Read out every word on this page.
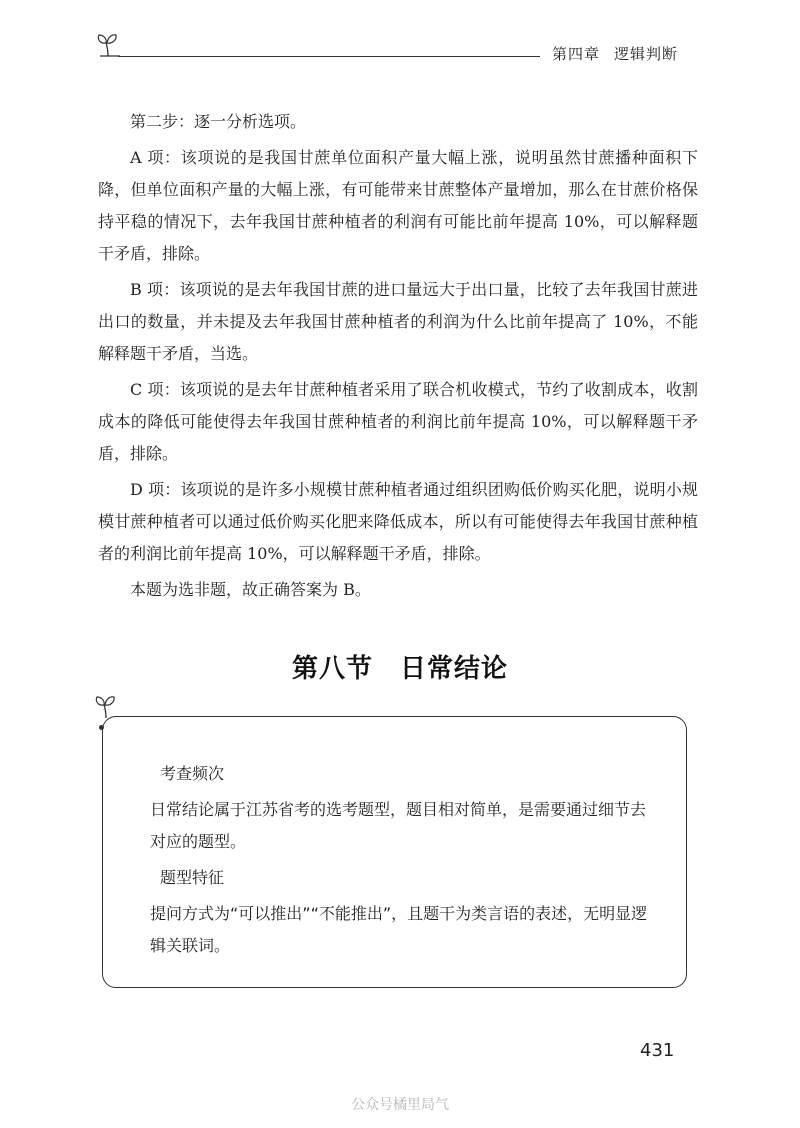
第四章 逻辑判断

第二步：逐一分析选项。

A 项：该项说的是我国甘蔗单位面积产量大幅上涨，说明虽然甘蔗播种面积下降，但单位面积产量的大幅上涨，有可能带来甘蔗整体产量增加，那么在甘蔗价格保持平稳的情况下，去年我国甘蔗种植者的利润有可能比前年提高 10%，可以解释题干矛盾，排除。

B 项：该项说的是去年我国甘蔗的进口量远大于出口量，比较了去年我国甘蔗进出口的数量，并未提及去年我国甘蔗种植者的利润为什么比前年提高了 10%，不能解释题干矛盾，当选。

C 项：该项说的是去年甘蔗种植者采用了联合机收模式，节约了收割成本，收割成本的降低可能使得去年我国甘蔗种植者的利润比前年提高 10%，可以解释题干矛盾，排除。

D 项：该项说的是许多小规模甘蔗种植者通过组织团购低价购买化肥，说明小规模甘蔗种植者可以通过低价购买化肥来降低成本，所以有可能使得去年我国甘蔗种植者的利润比前年提高 10%，可以解释题干矛盾，排除。

本题为选非题，故正确答案为 B。

第八节　日常结论

考查频次

日常结论属于江苏省考的选考题型，题目相对简单，是需要通过细节去对应的题型。

题型特征

提问方式为“可以推出”“不能推出”，且题干为类言语的表述，无明显逻辑关联词。

431
公众号橘里局气
